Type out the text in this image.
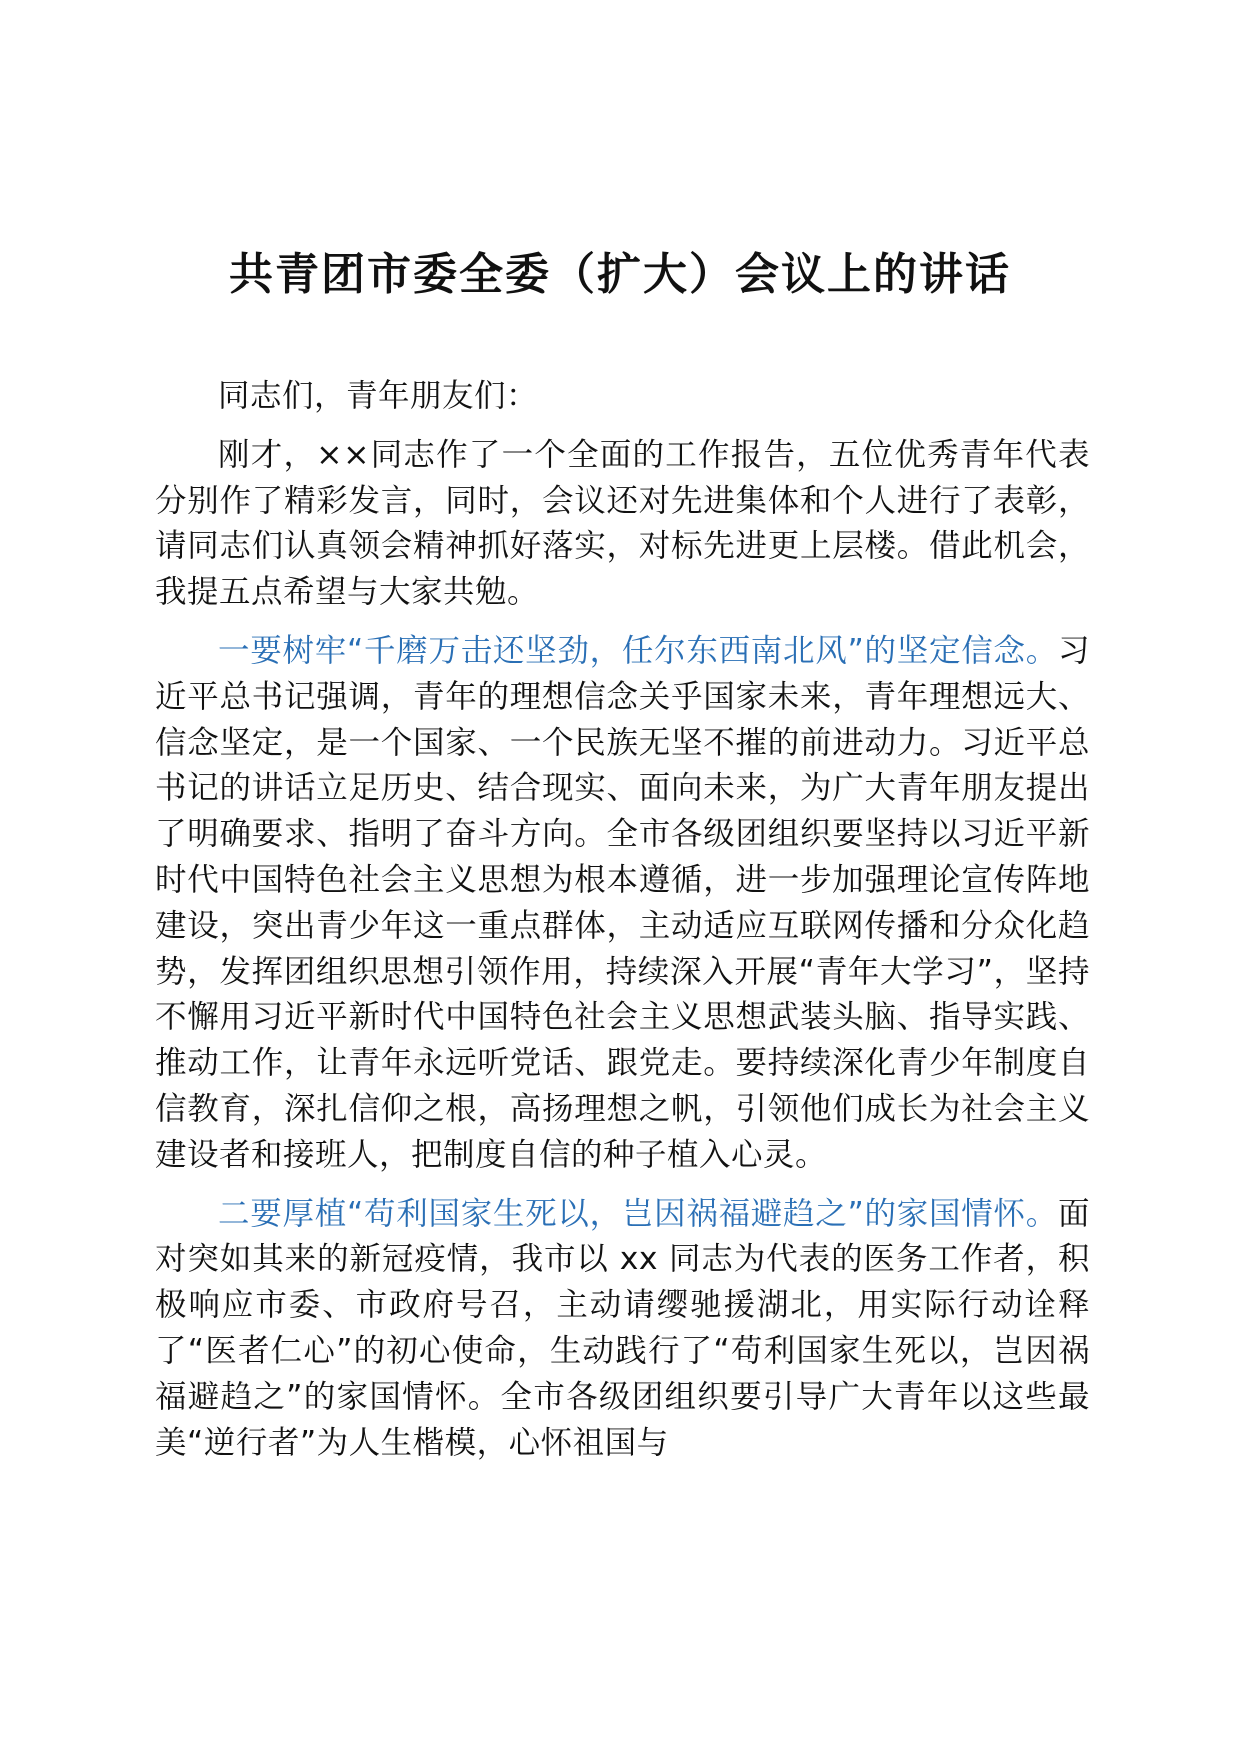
共青团市委全委（扩大）会议上的讲话

同志们，青年朋友们：

刚才，××同志作了一个全面的工作报告，五位优秀青年代表分别作了精彩发言，同时，会议还对先进集体和个人进行了表彰，请同志们认真领会精神抓好落实，对标先进更上层楼。借此机会，我提五点希望与大家共勉。

一要树牢“千磨万击还坚劲，任尔东西南北风”的坚定信念。习近平总书记强调，青年的理想信念关乎国家未来，青年理想远大、信念坚定，是一个国家、一个民族无坚不摧的前进动力。习近平总书记的讲话立足历史、结合现实、面向未来，为广大青年朋友提出了明确要求、指明了奋斗方向。全市各级团组织要坚持以习近平新时代中国特色社会主义思想为根本遵循，进一步加强理论宣传阵地建设，突出青少年这一重点群体，主动适应互联网传播和分众化趋势，发挥团组织思想引领作用，持续深入开展“青年大学习”，坚持不懈用习近平新时代中国特色社会主义思想武装头脑、指导实践、推动工作，让青年永远听党话、跟党走。要持续深化青少年制度自信教育，深扎信仰之根，高扬理想之帆，引领他们成长为社会主义建设者和接班人，把制度自信的种子植入心灵。

二要厚植“苟利国家生死以，岂因祸福避趋之”的家国情怀。面对突如其来的新冠疫情，我市以 xx 同志为代表的医务工作者，积极响应市委、市政府号召，主动请缨驰援湖北，用实际行动诠释了“医者仁心”的初心使命，生动践行了“苟利国家生死以，岂因祸福避趋之”的家国情怀。全市各级团组织要引导广大青年以这些最美“逆行者”为人生楷模，心怀祖国与
